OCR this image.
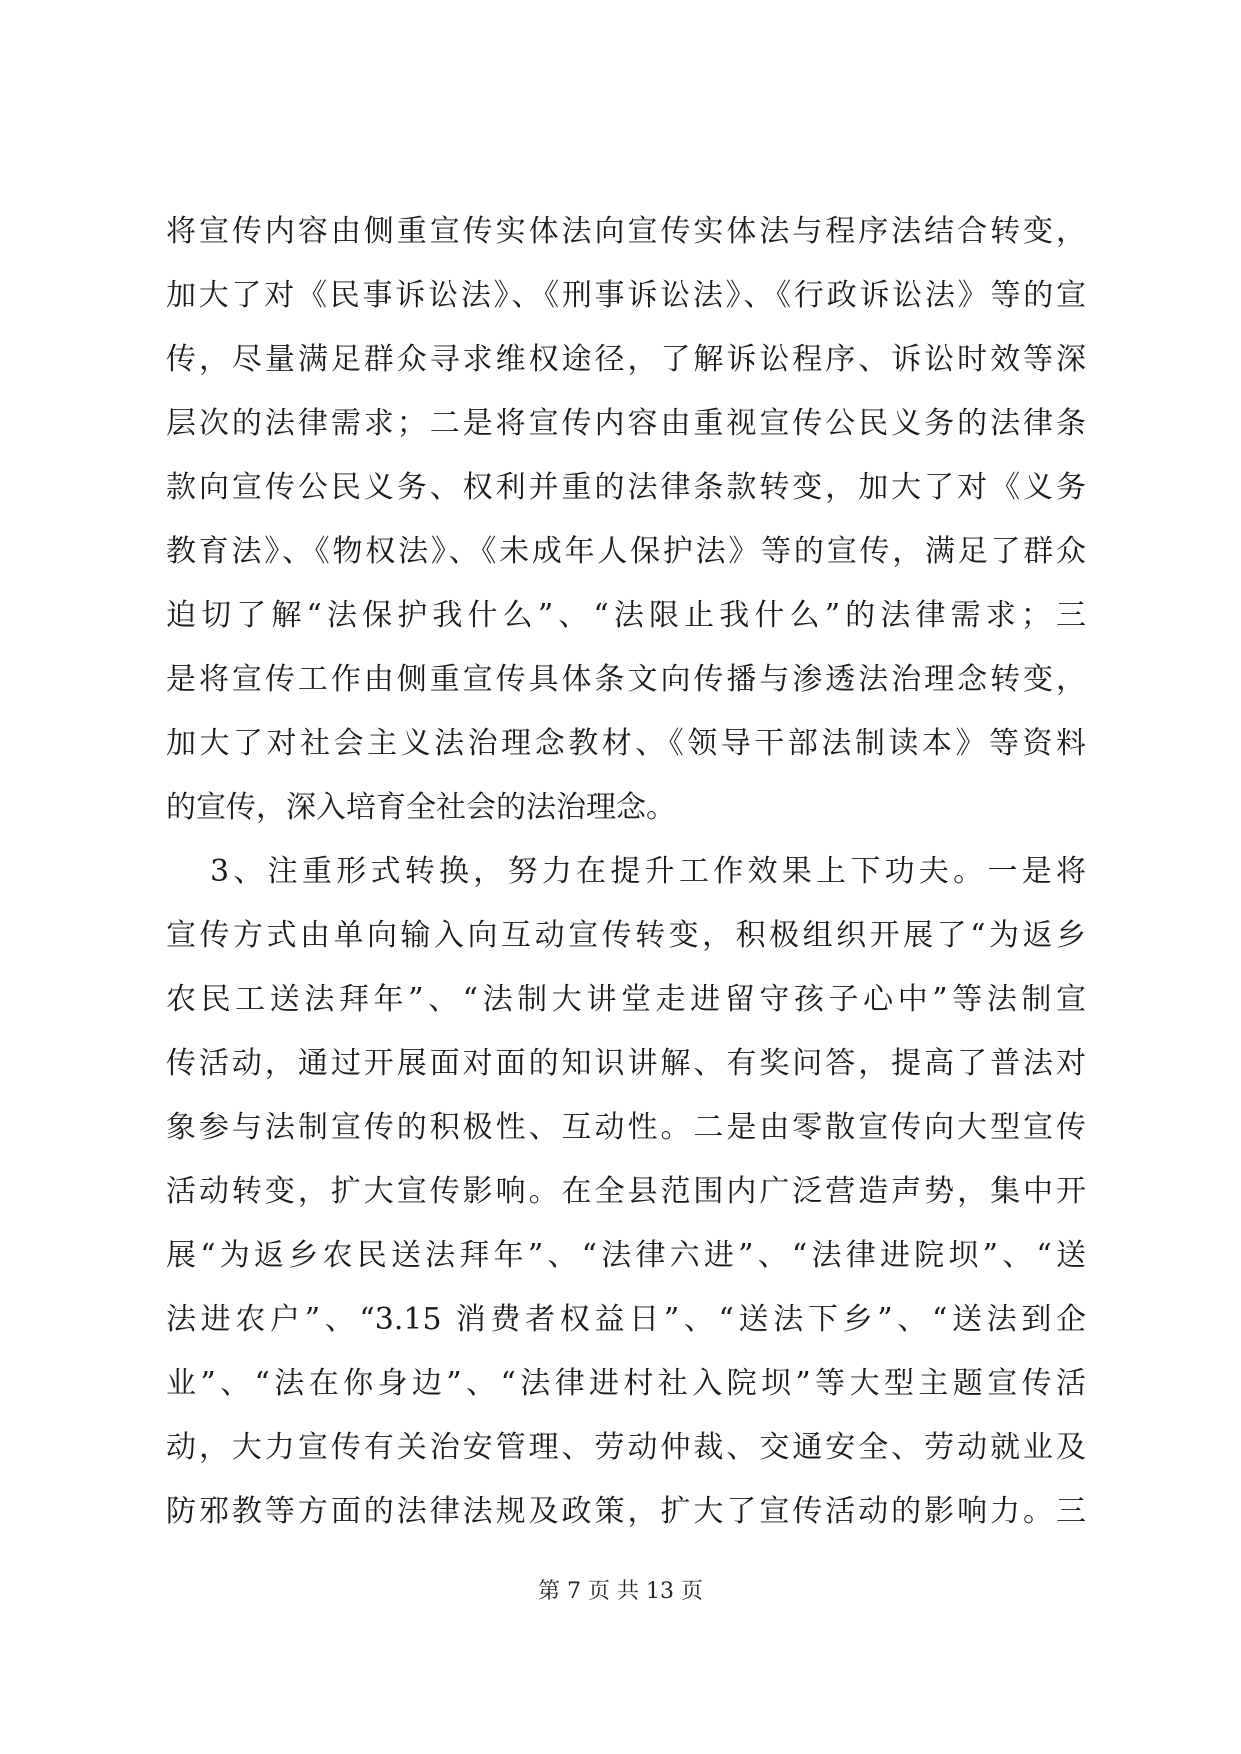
将宣传内容由侧重宣传实体法向宣传实体法与程序法结合转变，
加大了对《民事诉讼法》、《刑事诉讼法》、《行政诉讼法》等的宣
传，尽量满足群众寻求维权途径，了解诉讼程序、诉讼时效等深
层次的法律需求；二是将宣传内容由重视宣传公民义务的法律条
款向宣传公民义务、权利并重的法律条款转变，加大了对《义务
教育法》、《物权法》、《未成年人保护法》等的宣传，满足了群众
迫切了解“法保护我什么”、“法限止我什么”的法律需求；三
是将宣传工作由侧重宣传具体条文向传播与渗透法治理念转变，
加大了对社会主义法治理念教材、《领导干部法制读本》等资料
的宣传，深入培育全社会的法治理念。
3、注重形式转换，努力在提升工作效果上下功夫。一是将
宣传方式由单向输入向互动宣传转变，积极组织开展了“为返乡
农民工送法拜年”、“法制大讲堂走进留守孩子心中”等法制宣
传活动，通过开展面对面的知识讲解、有奖问答，提高了普法对
象参与法制宣传的积极性、互动性。二是由零散宣传向大型宣传
活动转变，扩大宣传影响。在全县范围内广泛营造声势，集中开
展“为返乡农民送法拜年”、“法律六进”、“法律进院坝”、“送
法进农户”、“3.15 消费者权益日”、“送法下乡”、“送法到企
业”、“法在你身边”、“法律进村社入院坝”等大型主题宣传活
动，大力宣传有关治安管理、劳动仲裁、交通安全、劳动就业及
防邪教等方面的法律法规及政策，扩大了宣传活动的影响力。三
第 7 页 共 13 页
